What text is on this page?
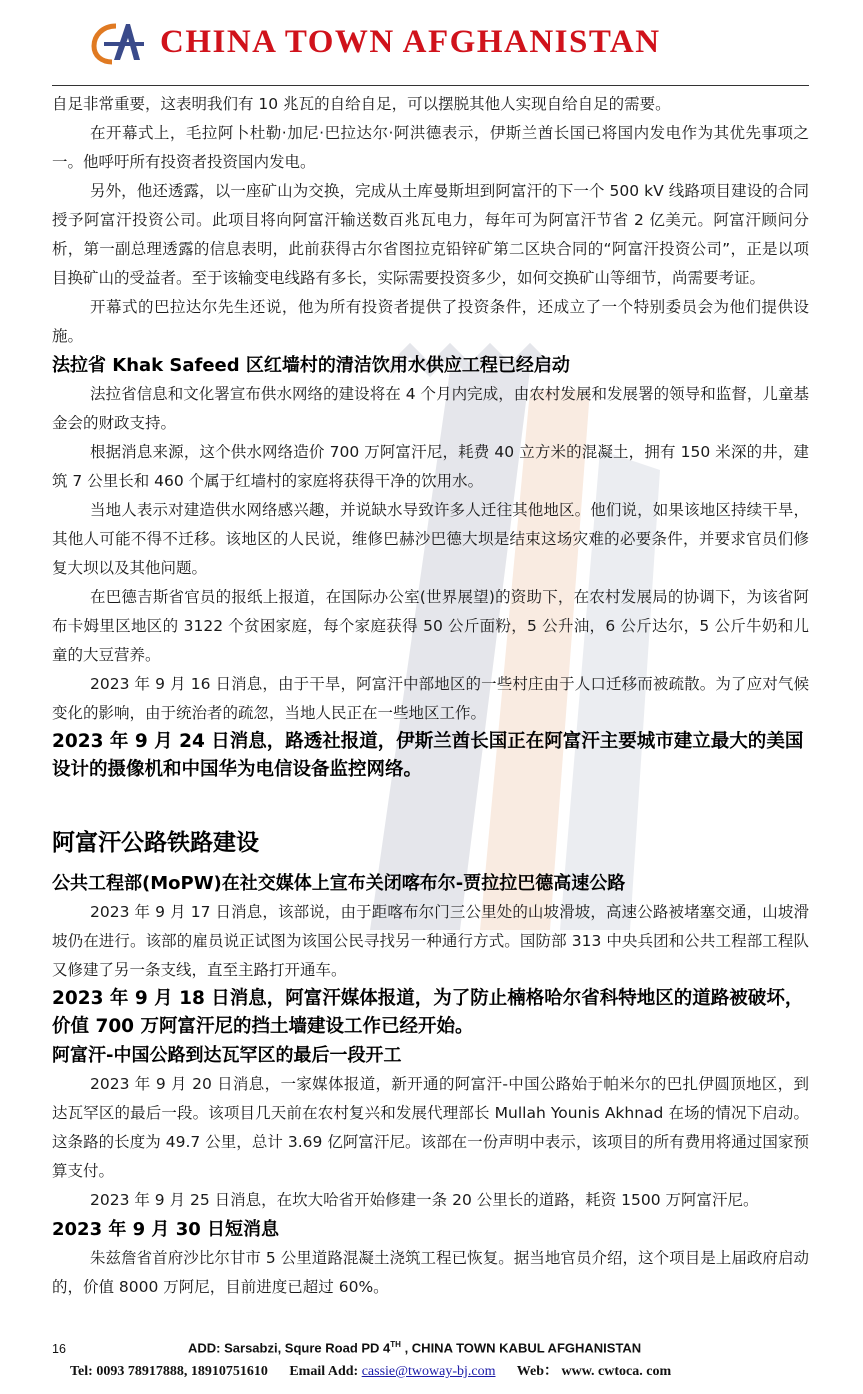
CHINA TOWN AFGHANISTAN

自足非常重要，这表明我们有 10 兆瓦的自给自足，可以摆脱其他人实现自给自足的需要。

在开幕式上，毛拉阿卜杜勒·加尼·巴拉达尔·阿洪德表示，伊斯兰酋长国已将国内发电作为其优先事项之一。他呼吁所有投资者投资国内发电。

另外，他还透露，以一座矿山为交换，完成从土库曼斯坦到阿富汗的下一个 500 kV 线路项目建设的合同授予阿富汗投资公司。此项目将向阿富汗输送数百兆瓦电力，每年可为阿富汗节省 2 亿美元。阿富汗顾问分析，第一副总理透露的信息表明，此前获得古尔省图拉克铅锌矿第二区块合同的“阿富汗投资公司”，正是以项目换矿山的受益者。至于该输变电线路有多长，实际需要投资多少，如何交换矿山等细节，尚需要考证。

开幕式的巴拉达尔先生还说，他为所有投资者提供了投资条件，还成立了一个特别委员会为他们提供设施。

法拉省 Khak Safeed 区红墙村的清洁饮用水供应工程已经启动

法拉省信息和文化署宣布供水网络的建设将在 4 个月内完成，由农村发展和发展署的领导和监督，儿童基金会的财政支持。

根据消息来源，这个供水网络造价 700 万阿富汗尼，耗费 40 立方米的混凝土，拥有 150 米深的井，建筑 7 公里长和 460 个属于红墙村的家庭将获得干净的饮用水。

当地人表示对建造供水网络感兴趣，并说缺水导致许多人迁往其他地区。他们说，如果该地区持续干旱，其他人可能不得不迁移。该地区的人民说，维修巴赫沙巴德大坝是结束这场灾难的必要条件，并要求官员们修复大坝以及其他问题。

在巴德吉斯省官员的报纸上报道，在国际办公室(世界展望)的资助下，在农村发展局的协调下，为该省阿布卡姆里区地区的 3122 个贫困家庭，每个家庭获得 50 公斤面粉，5 公升油，6 公斤达尔，5 公斤牛奶和儿童的大豆营养。

2023 年 9 月 16 日消息，由于干旱，阿富汗中部地区的一些村庄由于人口迁移而被疏散。为了应对气候变化的影响，由于统治者的疏忽，当地人民正在一些地区工作。

2023 年 9 月 24 日消息，路透社报道，伊斯兰酋长国正在阿富汗主要城市建立最大的美国设计的摄像机和中国华为电信设备监控网络。

阿富汗公路铁路建设

公共工程部(MoPW)在社交媒体上宣布关闭喀布尔-贾拉拉巴德高速公路

2023 年 9 月 17 日消息，该部说，由于距喀布尔门三公里处的山坡滑坡，高速公路被堵塞交通，山坡滑坡仍在进行。该部的雇员说正试图为该国公民寻找另一种通行方式。国防部 313 中央兵团和公共工程部工程队又修建了另一条支线，直至主路打开通车。

2023 年 9 月 18 日消息，阿富汗媒体报道，为了防止楠格哈尔省科特地区的道路被破坏，价值 700 万阿富汗尼的挡土墙建设工作已经开始。

阿富汗-中国公路到达瓦罕区的最后一段开工

2023 年 9 月 20 日消息，一家媒体报道，新开通的阿富汗-中国公路始于帕米尔的巴扎伊圆顶地区，到达瓦罕区的最后一段。该项目几天前在农村复兴和发展代理部长 Mullah Younis Akhnad 在场的情况下启动。这条路的长度为 49.7 公里，总计 3.69 亿阿富汗尼。该部在一份声明中表示，该项目的所有费用将通过国家预算支付。

2023 年 9 月 25 日消息，在坎大哈省开始修建一条 20 公里长的道路，耗资 1500 万阿富汗尼。

2023 年 9 月 30 日短消息

朱兹詹省首府沙比尔甘市 5 公里道路混凝土浇筑工程已恢复。据当地官员介绍，这个项目是上届政府启动的，价值 8000 万阿尼，目前进度已超过 60%。

16	ADD: Sarsabzi, Squre Road PD 4TH , CHINA TOWN KABUL AFGHANISTAN
Tel: 0093 78917888, 18910751610 Email Add: cassie@twoway-bj.com Web： www. cwtoca. com
